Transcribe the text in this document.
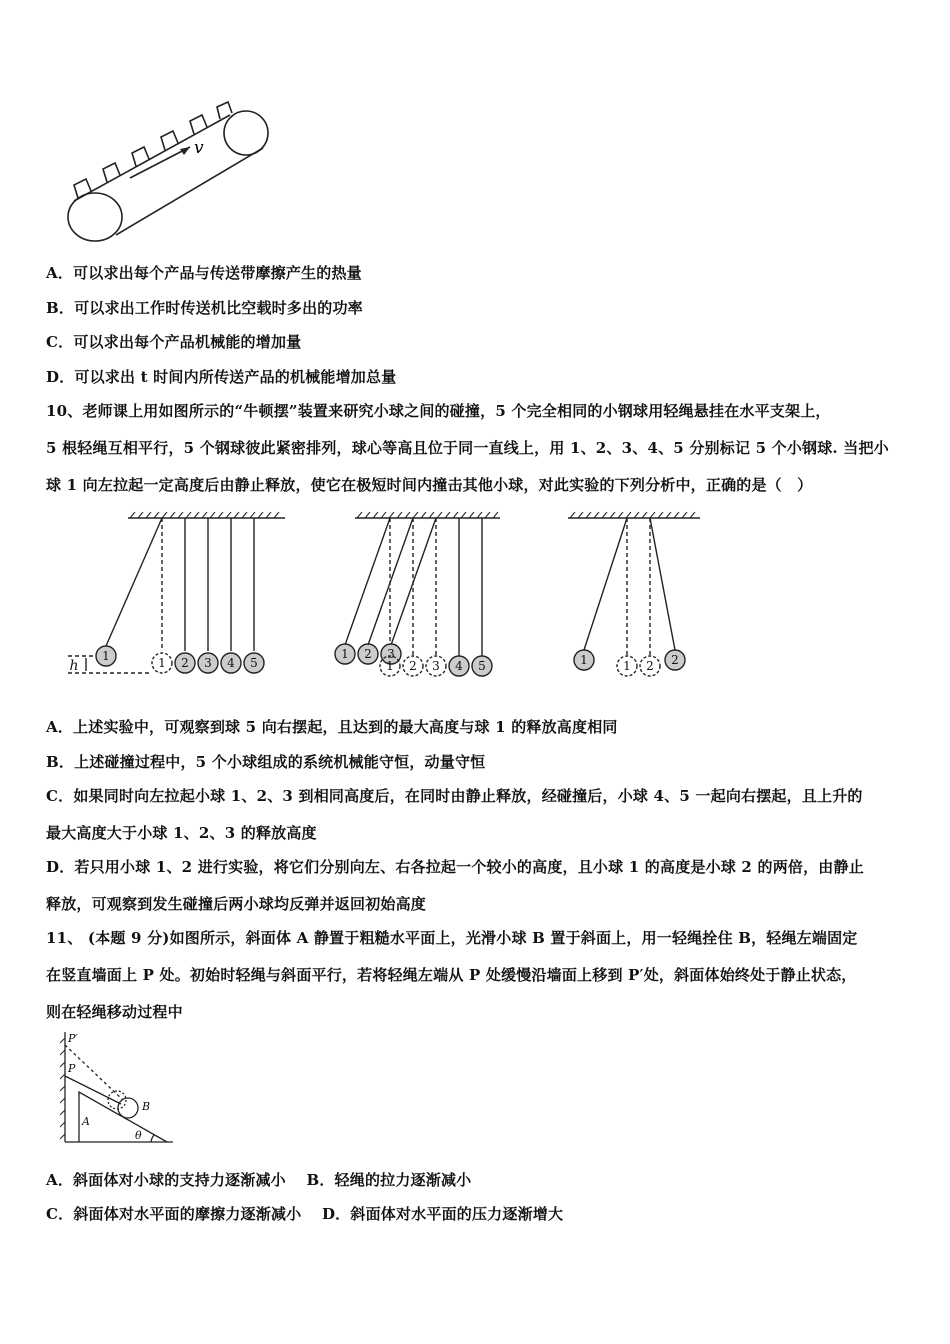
v
A．可以求出每个产品与传送带摩擦产生的热量
B．可以求出工作时传送机比空载时多出的功率
C．可以求出每个产品机械能的增加量
D．可以求出 t 时间内所传送产品的机械能增加总量
10、老师课上用如图所示的“牛顿摆”装置来研究小球之间的碰撞，5 个完全相同的小钢球用轻绳悬挂在水平支架上，
5 根轻绳互相平行，5 个钢球彼此紧密排列，球心等高且位于同一直线上，用 1、2、3、4、5 分别标记 5 个小钢球. 当把小
球 1 向左拉起一定高度后由静止释放，使它在极短时间内撞击其他小球，对此实验的下列分析中，正确的是（　）
h
1	1 2 3 4 5
1 2 3
1 2 3 4 5	1	1 2 2
A．上述实验中，可观察到球 5 向右摆起，且达到的最大高度与球 1 的释放高度相同
B．上述碰撞过程中，5 个小球组成的系统机械能守恒，动量守恒
C．如果同时向左拉起小球 1、2、3 到相同高度后，在同时由静止释放，经碰撞后，小球 4、5 一起向右摆起，且上升的
最大高度大于小球 1、2、3 的释放高度
D．若只用小球 1、2 进行实验，将它们分别向左、右各拉起一个较小的高度，且小球 1 的高度是小球 2 的两倍，由静止
释放，可观察到发生碰撞后两小球均反弹并返回初始高度
11、 (本题 9 分)如图所示，斜面体 A 静置于粗糙水平面上，光滑小球 B 置于斜面上，用一轻绳拴住 B，轻绳左端固定
在竖直墙面上 P 处。初始时轻绳与斜面平行，若将轻绳左端从 P 处缓慢沿墙面上移到 P′处，斜面体始终处于静止状态，
则在轻绳移动过程中
P′
P
A
B
θ
A．斜面体对小球的支持力逐渐减小　 B．轻绳的拉力逐渐减小
C．斜面体对水平面的摩擦力逐渐减小　 D．斜面体对水平面的压力逐渐增大
